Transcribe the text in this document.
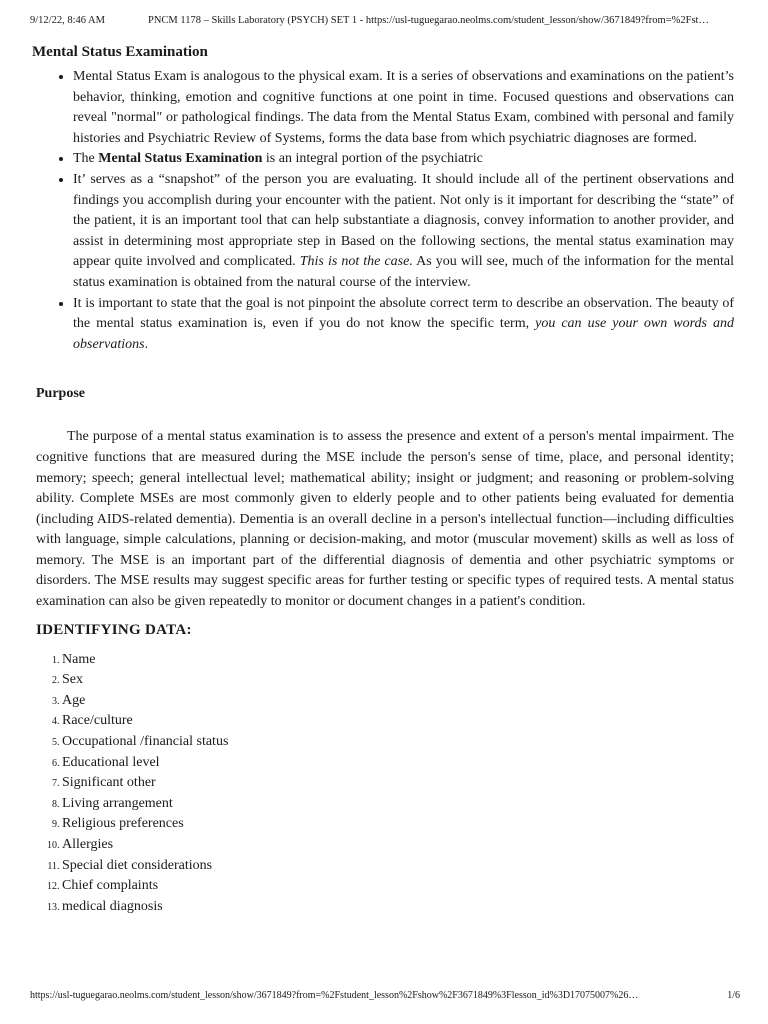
9/12/22, 8:46 AM	PNCM 1178 – Skills Laboratory (PSYCH) SET 1 - https://usl-tuguegarao.neolms.com/student_lesson/show/3671849?from=%2Fst…
Mental Status Examination
• Mental Status Exam is analogous to the physical exam. It is a series of observations and examinations on the patient’s behavior, thinking, emotion and cognitive functions at one point in time. Focused questions and observations can reveal "normal" or pathological findings. The data from the Mental Status Exam, combined with personal and family histories and Psychiatric Review of Systems, forms the data base from which psychiatric diagnoses are formed.
• The Mental Status Examination is an integral portion of the psychiatric
• It’ serves as a “snapshot” of the person you are evaluating. It should include all of the pertinent observations and findings you accomplish during your encounter with the patient. Not only is it important for describing the “state” of the patient, it is an important tool that can help substantiate a diagnosis, convey information to another provider, and assist in determining most appropriate step in Based on the following sections, the mental status examination may appear quite involved and complicated. This is not the case. As you will see, much of the information for the mental status examination is obtained from the natural course of the interview.
• It is important to state that the goal is not pinpoint the absolute correct term to describe an observation. The beauty of the mental status examination is, even if you do not know the specific term, you can use your own words and observations.
Purpose

The purpose of a mental status examination is to assess the presence and extent of a person's mental impairment. The cognitive functions that are measured during the MSE include the person's sense of time, place, and personal identity; memory; speech; general intellectual level; mathematical ability; insight or judgment; and reasoning or problem-solving ability. Complete MSEs are most commonly given to elderly people and to other patients being evaluated for dementia (including AIDS-related dementia). Dementia is an overall decline in a person's intellectual function—including difficulties with language, simple calculations, planning or decision-making, and motor (muscular movement) skills as well as loss of memory. The MSE is an important part of the differential diagnosis of dementia and other psychiatric symptoms or disorders. The MSE results may suggest specific areas for further testing or specific types of required tests. A mental status examination can also be given repeatedly to monitor or document changes in a patient's condition.

IDENTIFYING DATA:
1. Name
2. Sex
3. Age
4. Race/culture
5. Occupational /financial status
6. Educational level
7. Significant other
8. Living arrangement
9. Religious preferences
10. Allergies
11. Special diet considerations
12. Chief complaints
13. medical diagnosis
https://usl-tuguegarao.neolms.com/student_lesson/show/3671849?from=%2Fstudent_lesson%2Fshow%2F3671849%3Flesson_id%3D17075007%26…	1/6
